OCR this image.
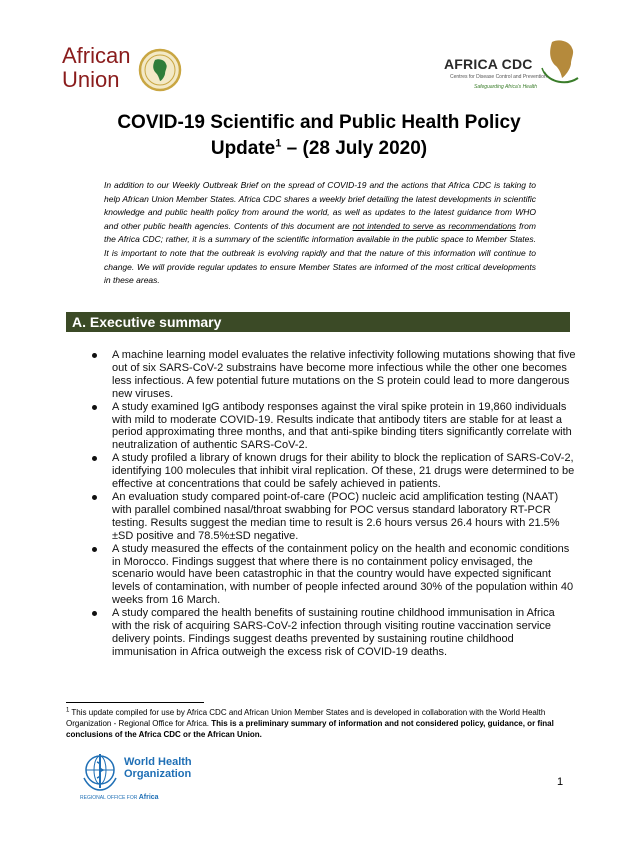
African
Union
AFRICA CDC
Centres for Disease Control and Prevention
Safeguarding Africa's Health
COVID-19 Scientific and Public Health Policy
Update$^1$ – (28 July 2020)
In addition to our Weekly Outbreak Brief on the spread of COVID-19 and the actions that Africa CDC is taking to help African Union Member States. Africa CDC shares a weekly brief detailing the latest developments in scientific knowledge and public health policy from around the world, as well as updates to the latest guidance from WHO and other public health agencies. Contents of this document are not intended to serve as recommendations from the Africa CDC; rather, it is a summary of the scientific information available in the public space to Member States. It is important to note that the outbreak is evolving rapidly and that the nature of this information will continue to change. We will provide regular updates to ensure Member States are informed of the most critical developments in these areas.
A. Executive summary
A machine learning model evaluates the relative infectivity following mutations showing that five out of six SARS-CoV-2 substrains have become more infectious while the other one becomes less infectious. A few potential future mutations on the S protein could lead to more dangerous new viruses.
A study examined IgG antibody responses against the viral spike protein in 19,860 individuals with mild to moderate COVID-19. Results indicate that antibody titers are stable for at least a period approximating three months, and that anti-spike binding titers significantly correlate with neutralization of authentic SARS-CoV-2.
A study profiled a library of known drugs for their ability to block the replication of SARS-CoV-2, identifying 100 molecules that inhibit viral replication. Of these, 21 drugs were determined to be effective at concentrations that could be safely achieved in patients.
An evaluation study compared point-of-care (POC) nucleic acid amplification testing (NAAT) with parallel combined nasal/throat swabbing for POC versus standard laboratory RT-PCR testing. Results suggest the median time to result is 2.6 hours versus 26.4 hours with 21.5%±SD positive and 78.5%±SD negative.
A study measured the effects of the containment policy on the health and economic conditions in Morocco. Findings suggest that where there is no containment policy envisaged, the scenario would have been catastrophic in that the country would have expected significant levels of contamination, with number of people infected around 30% of the population within 40 weeks from 16 March.
A study compared the health benefits of sustaining routine childhood immunisation in Africa with the risk of acquiring SARS-CoV-2 infection through visiting routine vaccination service delivery points. Findings suggest deaths prevented by sustaining routine childhood immunisation in Africa outweigh the excess risk of COVID-19 deaths.
$^1$ This update compiled for use by Africa CDC and African Union Member States and is developed in collaboration with the World Health Organization - Regional Office for Africa. This is a preliminary summary of information and not considered policy, guidance, or final conclusions of the Africa CDC or the African Union.
World Health
Organization
REGIONAL OFFICE FOR Africa
1
